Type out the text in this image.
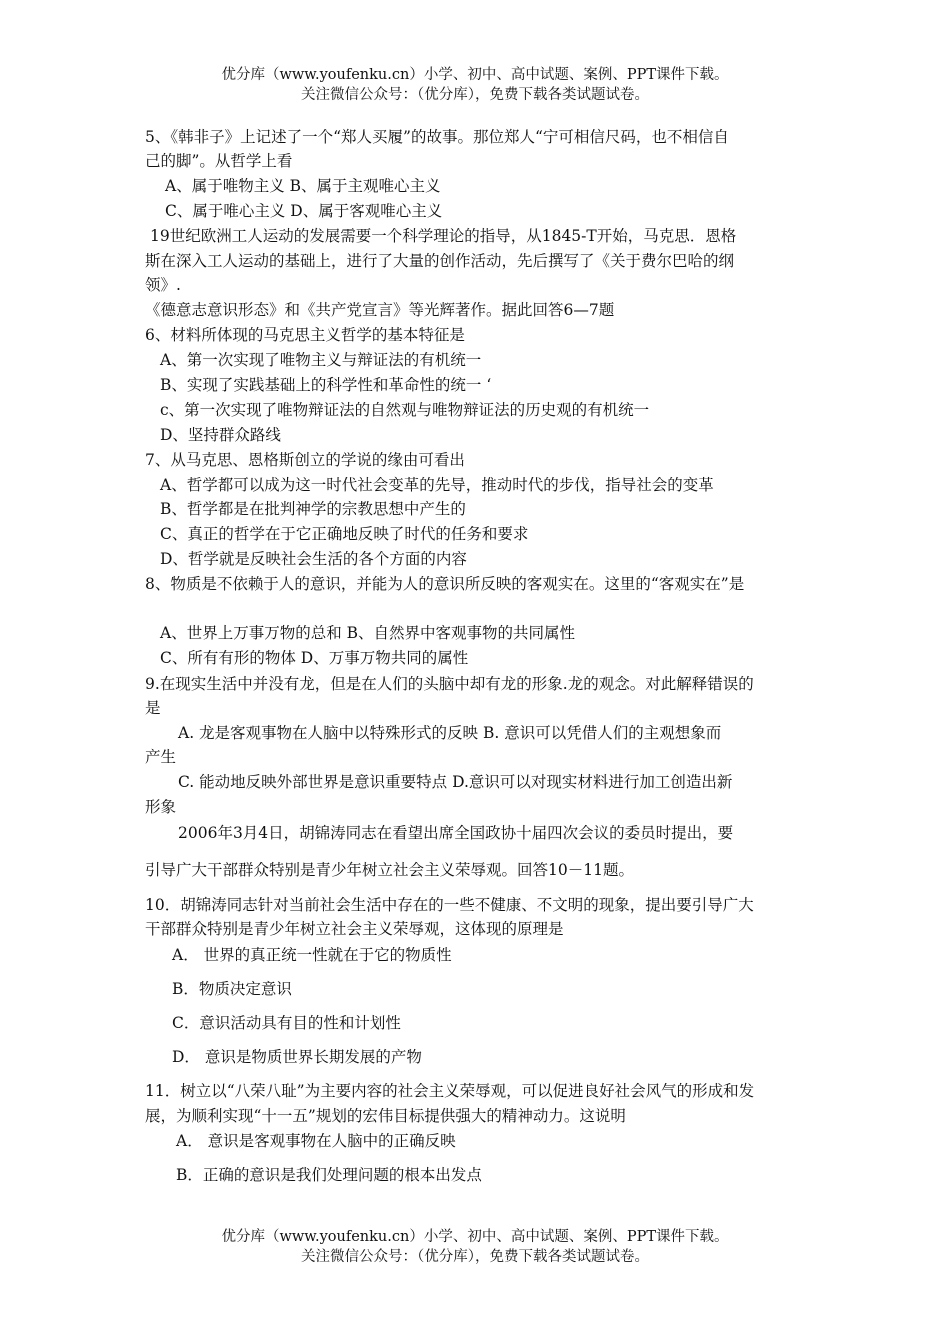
优分库（www.youfenku.cn）小学、初中、高中试题、案例、PPT课件下载。
关注微信公众号：（优分库），免费下载各类试题试卷。
5、《韩非子》上记述了一个“郑人买履”的故事。那位郑人“宁可相信尺码，也不相信自
己的脚”。从哲学上看
A、属于唯物主义 B、属于主观唯心主义
C、属于唯心主义 D、属于客观唯心主义
19世纪欧洲工人运动的发展需要一个科学理论的指导，从1845-T开始，马克思．恩格
斯在深入工人运动的基础上，进行了大量的创作活动，先后撰写了《关于费尔巴哈的纲
领》.
《德意志意识形态》和《共产党宣言》等光辉著作。据此回答6—7题
6、材料所体现的马克思主义哲学的基本特征是
A、第一次实现了唯物主义与辩证法的有机统一
B、实现了实践基础上的科学性和革命性的统一 ‘
c、第一次实现了唯物辩证法的自然观与唯物辩证法的历史观的有机统一
D、坚持群众路线
7、从马克思、恩格斯创立的学说的缘由可看出
A、哲学都可以成为这一时代社会变革的先导，推动时代的步伐，指导社会的变革
B、哲学都是在批判神学的宗教思想中产生的
C、真正的哲学在于它正确地反映了时代的任务和要求
D、哲学就是反映社会生活的各个方面的内容
8、物质是不依赖于人的意识，并能为人的意识所反映的客观实在。这里的“客观实在”是
A、世界上万事万物的总和 B、自然界中客观事物的共同属性
C、所有有形的物体 D、万事万物共同的属性
9.在现实生活中并没有龙，但是在人们的头脑中却有龙的形象.龙的观念。对此解释错误的
是
A. 龙是客观事物在人脑中以特殊形式的反映 B. 意识可以凭借人们的主观想象而
产生
C. 能动地反映外部世界是意识重要特点 D.意识可以对现实材料进行加工创造出新
形象
2006年3月4日，胡锦涛同志在看望出席全国政协十届四次会议的委员时提出，要
引导广大干部群众特别是青少年树立社会主义荣辱观。回答10－11题。
10．胡锦涛同志针对当前社会生活中存在的一些不健康、不文明的现象，提出要引导广大
干部群众特别是青少年树立社会主义荣辱观，这体现的原理是
A． 世界的真正统一性就在于它的物质性
B．物质决定意识
C．意识活动具有目的性和计划性
D． 意识是物质世界长期发展的产物
11．树立以“八荣八耻”为主要内容的社会主义荣辱观，可以促进良好社会风气的形成和发
展，为顺利实现“十一五”规划的宏伟目标提供强大的精神动力。这说明
A． 意识是客观事物在人脑中的正确反映
B．正确的意识是我们处理问题的根本出发点
优分库（www.youfenku.cn）小学、初中、高中试题、案例、PPT课件下载。
关注微信公众号：（优分库），免费下载各类试题试卷。
